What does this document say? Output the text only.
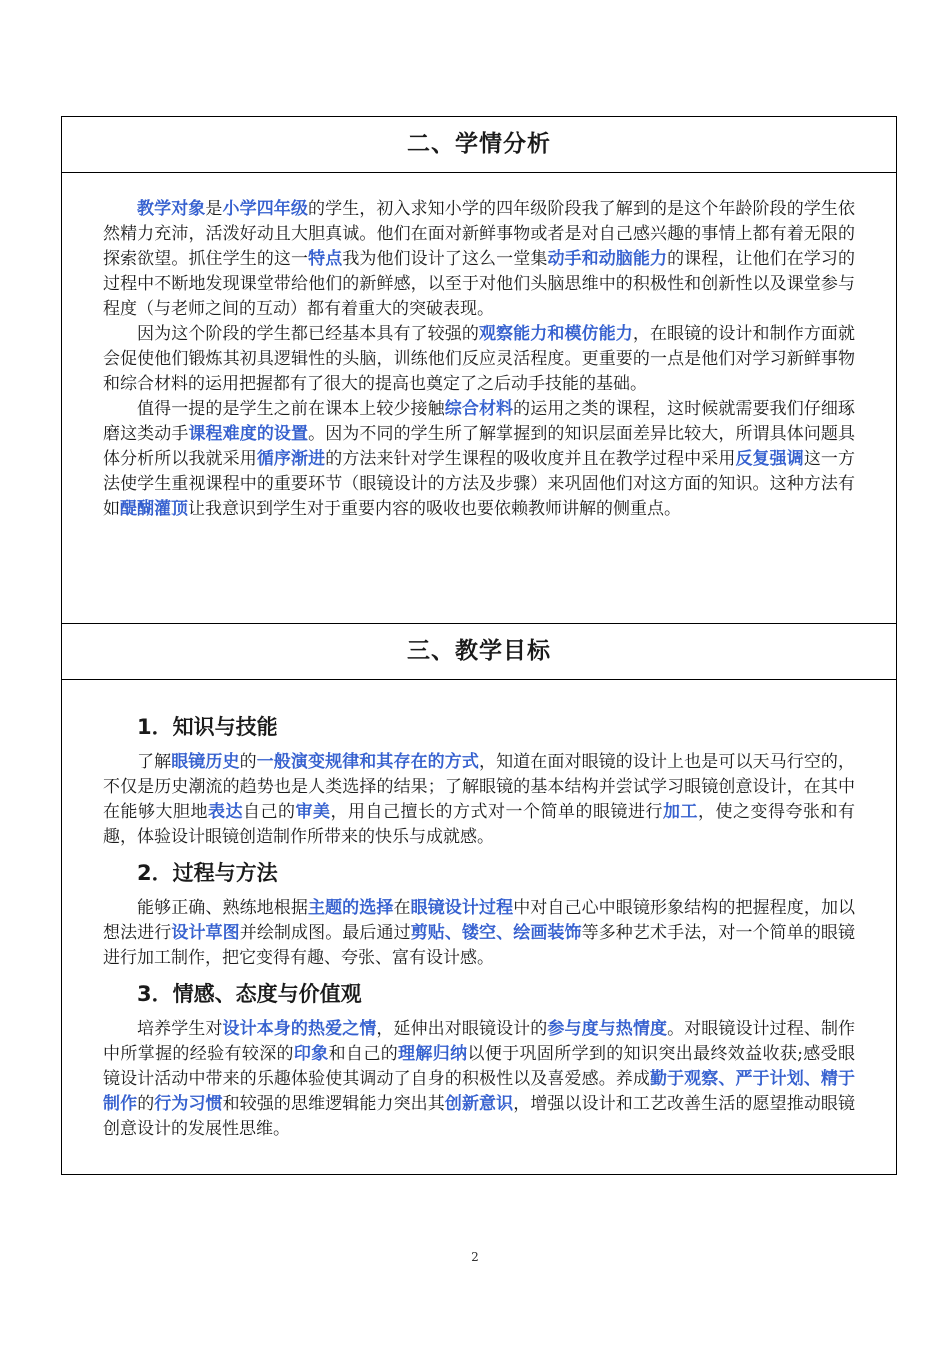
二、学情分析

教学对象是小学四年级的学生，初入求知小学的四年级阶段我了解到的是这个年龄阶段的学生依然精力充沛，活泼好动且大胆真诚。他们在面对新鲜事物或者是对自己感兴趣的事情上都有着无限的探索欲望。抓住学生的这一特点我为他们设计了这么一堂集动手和动脑能力的课程，让他们在学习的过程中不断地发现课堂带给他们的新鲜感，以至于对他们头脑思维中的积极性和创新性以及课堂参与程度（与老师之间的互动）都有着重大的突破表现。

因为这个阶段的学生都已经基本具有了较强的观察能力和模仿能力，在眼镜的设计和制作方面就会促使他们锻炼其初具逻辑性的头脑，训练他们反应灵活程度。更重要的一点是他们对学习新鲜事物和综合材料的运用把握都有了很大的提高也奠定了之后动手技能的基础。

值得一提的是学生之前在课本上较少接触综合材料的运用之类的课程，这时候就需要我们仔细琢磨这类动手课程难度的设置。因为不同的学生所了解掌握到的知识层面差异比较大，所谓具体问题具体分析所以我就采用循序渐进的方法来针对学生课程的吸收度并且在教学过程中采用反复强调这一方法使学生重视课程中的重要环节（眼镜设计的方法及步骤）来巩固他们对这方面的知识。这种方法有如醍醐灌顶让我意识到学生对于重要内容的吸收也要依赖教师讲解的侧重点。

三、教学目标
1．知识与技能

了解眼镜历史的一般演变规律和其存在的方式，知道在面对眼镜的设计上也是可以天马行空的，不仅是历史潮流的趋势也是人类选择的结果；了解眼镜的基本结构并尝试学习眼镜创意设计，在其中在能够大胆地表达自己的审美，用自己擅长的方式对一个简单的眼镜进行加工，使之变得夸张和有趣，体验设计眼镜创造制作所带来的快乐与成就感。

2．过程与方法

能够正确、熟练地根据主题的选择在眼镜设计过程中对自己心中眼镜形象结构的把握程度，加以想法进行设计草图并绘制成图。最后通过剪贴、镂空、绘画装饰等多种艺术手法，对一个简单的眼镜进行加工制作，把它变得有趣、夸张、富有设计感。

3．情感、态度与价值观

培养学生对设计本身的热爱之情，延伸出对眼镜设计的参与度与热情度。对眼镜设计过程、制作中所掌握的经验有较深的印象和自己的理解归纳以便于巩固所学到的知识突出最终效益收获;感受眼镜设计活动中带来的乐趣体验使其调动了自身的积极性以及喜爱感。养成勤于观察、严于计划、精于制作的行为习惯和较强的思维逻辑能力突出其创新意识，增强以设计和工艺改善生活的愿望推动眼镜创意设计的发展性思维。

2
